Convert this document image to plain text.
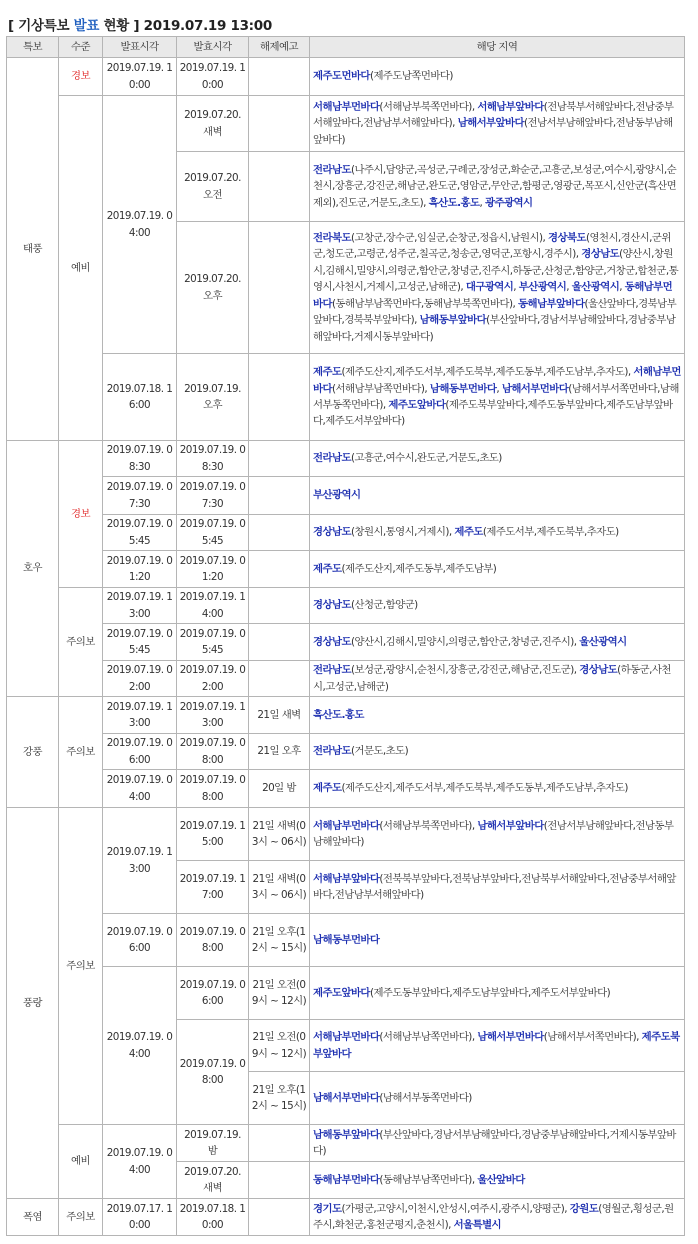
[ 기상특보 발표 현황 ] 2019.07.19 13:00
특보	수준	발표시각	발효시각	해제예고	해당 지역
태풍	경보	2019.07.19. 10:00	2019.07.19. 10:00		제주도먼바다(제주도남쪽먼바다)
	예비	2019.07.19. 04:00	2019.07.20. 새벽		서해남부먼바다(서해남부북쪽먼바다), 서해남부앞바다(전남북부서해앞바다,전남중부서해앞바다,전남남부서해앞바다), 남해서부앞바다(전남서부남해앞바다,전남동부남해앞바다)
			2019.07.20. 오전		전라남도(나주시,담양군,곡성군,구례군,장성군,화순군,고흥군,보성군,여수시,광양시,순천시,장흥군,강진군,해남군,완도군,영암군,무안군,함평군,영광군,목포시,신안군(흑산면제외),진도군,거문도,초도), 흑산도.홍도, 광주광역시
			2019.07.20. 오후		전라북도(고창군,장수군,임실군,순창군,정읍시,남원시), 경상북도(영천시,경산시,군위군,청도군,고령군,성주군,칠곡군,청송군,영덕군,포항시,경주시), 경상남도(양산시,창원시,김해시,밀양시,의령군,함안군,창녕군,진주시,하동군,산청군,함양군,거창군,합천군,통영시,사천시,거제시,고성군,남해군), 대구광역시, 부산광역시, 울산광역시, 동해남부먼바다(동해남부남쪽먼바다,동해남부북쪽먼바다), 동해남부앞바다(울산앞바다,경북남부앞바다,경북북부앞바다), 남해동부앞바다(부산앞바다,경남서부남해앞바다,경남중부남해앞바다,거제시동부앞바다)
		2019.07.18. 16:00	2019.07.19. 오후		제주도(제주도산지,제주도서부,제주도북부,제주도동부,제주도남부,추자도), 서해남부먼바다(서해남부남쪽먼바다), 남해동부먼바다, 남해서부먼바다(남해서부서쪽먼바다,남해서부동쪽먼바다), 제주도앞바다(제주도북부앞바다,제주도동부앞바다,제주도남부앞바다,제주도서부앞바다)
호우	경보	2019.07.19. 08:30	2019.07.19. 08:30		전라남도(고흥군,여수시,완도군,거문도,초도)
		2019.07.19. 07:30	2019.07.19. 07:30		부산광역시
		2019.07.19. 05:45	2019.07.19. 05:45		경상남도(창원시,통영시,거제시), 제주도(제주도서부,제주도북부,추자도)
		2019.07.19. 01:20	2019.07.19. 01:20		제주도(제주도산지,제주도동부,제주도남부)
	주의보	2019.07.19. 13:00	2019.07.19. 14:00		경상남도(산청군,함양군)
		2019.07.19. 05:45	2019.07.19. 05:45		경상남도(양산시,김해시,밀양시,의령군,함안군,창녕군,진주시), 울산광역시
		2019.07.19. 02:00	2019.07.19. 02:00		전라남도(보성군,광양시,순천시,장흥군,강진군,해남군,진도군), 경상남도(하동군,사천시,고성군,남해군)
강풍	주의보	2019.07.19. 13:00	2019.07.19. 13:00	21일 새벽	흑산도.홍도
		2019.07.19. 06:00	2019.07.19. 08:00	21일 오후	전라남도(거문도,초도)
		2019.07.19. 04:00	2019.07.19. 08:00	20일 밤	제주도(제주도산지,제주도서부,제주도북부,제주도동부,제주도남부,추자도)
풍랑	주의보	2019.07.19. 13:00	2019.07.19. 15:00	21일 새벽(03시 ~ 06시)	서해남부먼바다(서해남부북쪽먼바다), 남해서부앞바다(전남서부남해앞바다,전남동부남해앞바다)
			2019.07.19. 17:00	21일 새벽(03시 ~ 06시)	서해남부앞바다(전북북부앞바다,전북남부앞바다,전남북부서해앞바다,전남중부서해앞바다,전남남부서해앞바다)
		2019.07.19. 06:00	2019.07.19. 08:00	21일 오후(12시 ~ 15시)	남해동부먼바다
		2019.07.19. 04:00	2019.07.19. 06:00	21일 오전(09시 ~ 12시)	제주도앞바다(제주도동부앞바다,제주도남부앞바다,제주도서부앞바다)
			2019.07.19. 08:00	21일 오전(09시 ~ 12시)	서해남부먼바다(서해남부남쪽먼바다), 남해서부먼바다(남해서부서쪽먼바다), 제주도북부앞바다
				21일 오후(12시 ~ 15시)	남해서부먼바다(남해서부동쪽먼바다)
	예비	2019.07.19. 04:00	2019.07.19. 밤		남해동부앞바다(부산앞바다,경남서부남해앞바다,경남중부남해앞바다,거제시동부앞바다)
			2019.07.20. 새벽		동해남부먼바다(동해남부남쪽먼바다), 울산앞바다
폭염	주의보	2019.07.17. 10:00	2019.07.18. 10:00		경기도(가평군,고양시,이천시,안성시,여주시,광주시,양평군), 강원도(영월군,횡성군,원주시,화천군,홍천군평지,춘천시), 서울특별시
